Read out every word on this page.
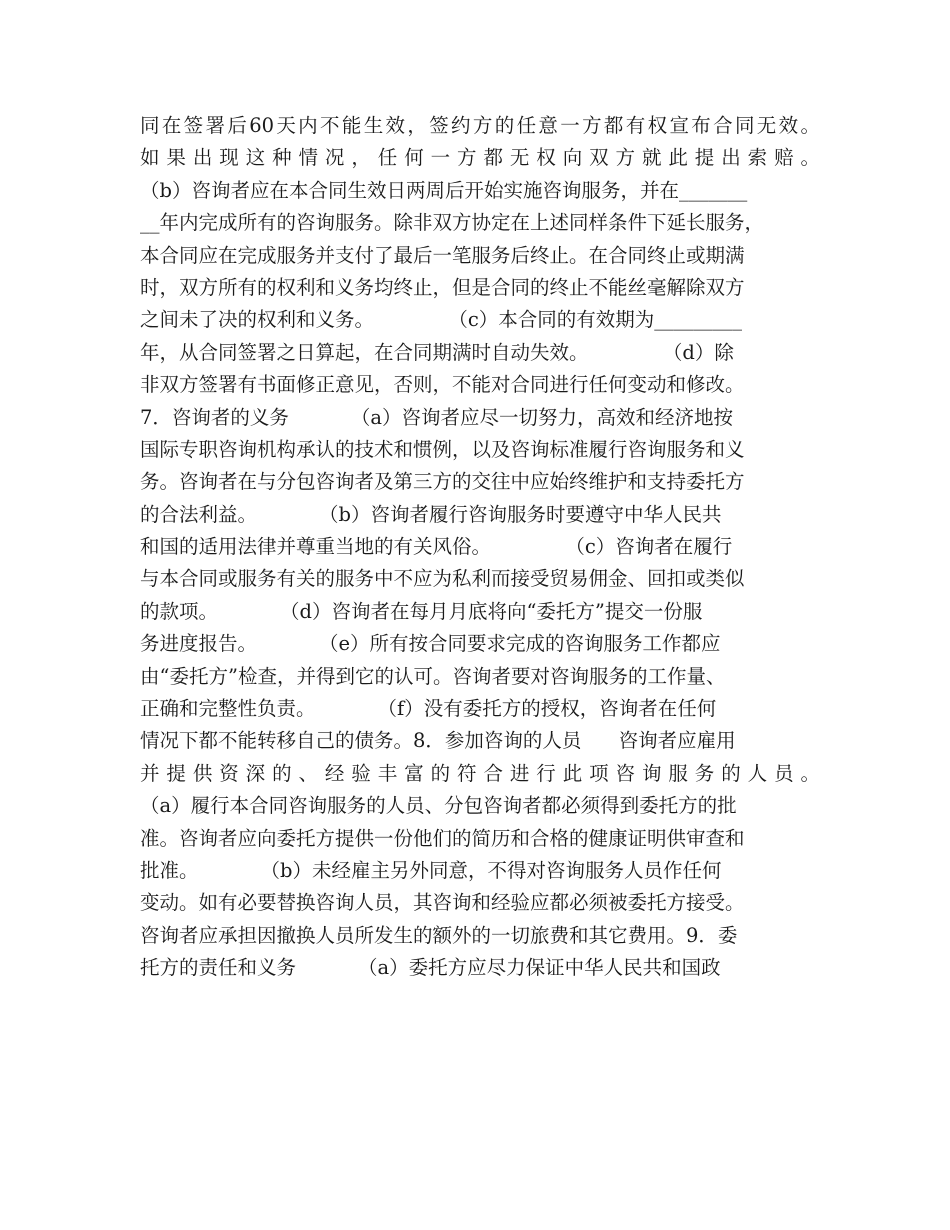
同在签署后60天内不能生效，签约方的任意一方都有权宣布合同无效。
如果出现这种情况，任何一方都无权向双方就此提出索赔。
（b）咨询者应在本合同生效日两周后开始实施咨询服务，并在_______
__年内完成所有的咨询服务。除非双方协定在上述同样条件下延长服务，
本合同应在完成服务并支付了最后一笔服务后终止。在合同终止或期满
时，双方所有的权利和义务均终止，但是合同的终止不能丝毫解除双方
之间未了决的权利和义务。            （c）本合同的有效期为_________
年，从合同签署之日算起，在合同期满时自动失效。            （d）除
非双方签署有书面修正意见，否则，不能对合同进行任何变动和修改。
7．咨询者的义务          （a）咨询者应尽一切努力，高效和经济地按
国际专职咨询机构承认的技术和惯例，以及咨询标准履行咨询服务和义
务。咨询者在与分包咨询者及第三方的交往中应始终维护和支持委托方
的合法利益。          （b）咨询者履行咨询服务时要遵守中华人民共
和国的适用法律并尊重当地的有关风俗。            （c）咨询者在履行
与本合同或服务有关的服务中不应为私利而接受贸易佣金、回扣或类似
的款项。          （d）咨询者在每月月底将向“委托方”提交一份服
务进度报告。          （e）所有按合同要求完成的咨询服务工作都应
由“委托方”检查，并得到它的认可。咨询者要对咨询服务的工作量、
正确和完整性负责。          （f）没有委托方的授权，咨询者在任何
情况下都不能转移自己的债务。8．参加咨询的人员      咨询者应雇用
并提供资深的、经验丰富的符合进行此项咨询服务的人员。
（a）履行本合同咨询服务的人员、分包咨询者都必须得到委托方的批
准。咨询者应向委托方提供一份他们的简历和合格的健康证明供审查和
批准。          （b）未经雇主另外同意，不得对咨询服务人员作任何
变动。如有必要替换咨询人员，其咨询和经验应都必须被委托方接受。
咨询者应承担因撤换人员所发生的额外的一切旅费和其它费用。9．委
托方的责任和义务          （a）委托方应尽力保证中华人民共和国政
